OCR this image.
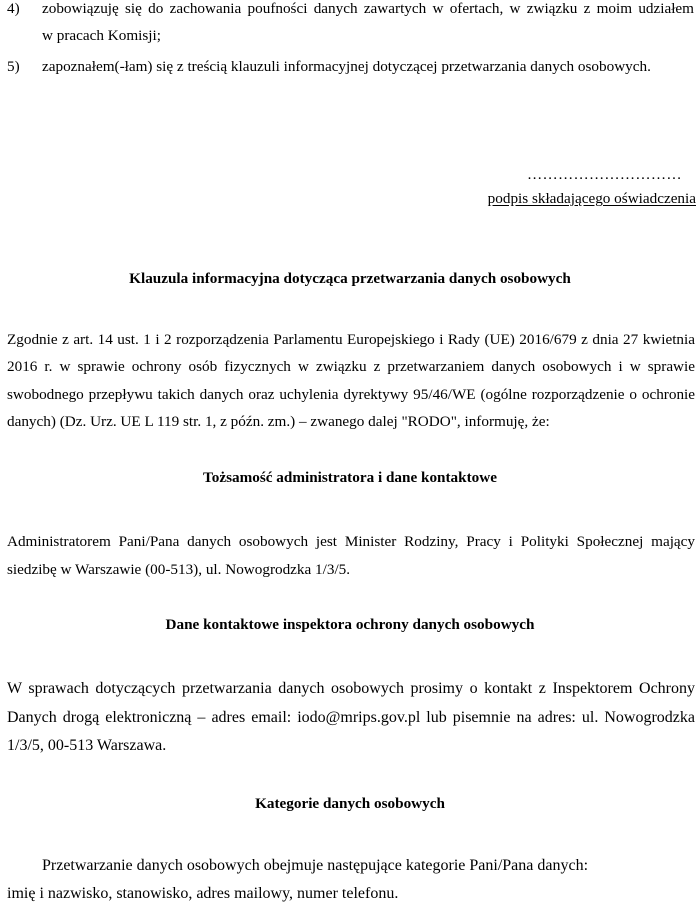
4) zobowiązuję się do zachowania poufności danych zawartych w ofertach, w związku z moim udziałem
w pracach Komisji;
5) zapoznałem(-łam) się z treścią klauzuli informacyjnej dotyczącej przetwarzania danych osobowych.
…………………………
podpis składającego oświadczenia
Klauzula informacyjna dotycząca przetwarzania danych osobowych
Zgodnie z art. 14 ust. 1 i 2 rozporządzenia Parlamentu Europejskiego i Rady (UE) 2016/679 z dnia 27 kwietnia
2016 r. w sprawie ochrony osób fizycznych w związku z przetwarzaniem danych osobowych i w sprawie
swobodnego przepływu takich danych oraz uchylenia dyrektywy 95/46/WE (ogólne rozporządzenie o ochronie
danych) (Dz. Urz. UE L 119 str. 1, z późn. zm.) – zwanego dalej "RODO", informuję, że:
Tożsamość administratora i dane kontaktowe
Administratorem Pani/Pana danych osobowych jest Minister Rodziny, Pracy i Polityki Społecznej mający
siedzibę w Warszawie (00-513), ul. Nowogrodzka 1/3/5.
Dane kontaktowe inspektora ochrony danych osobowych
W sprawach dotyczących przetwarzania danych osobowych prosimy o kontakt z Inspektorem Ochrony
Danych drogą elektroniczną – adres email: iodo@mrips.gov.pl lub pisemnie na adres: ul. Nowogrodzka
1/3/5, 00-513 Warszawa.
Kategorie danych osobowych
Przetwarzanie danych osobowych obejmuje następujące kategorie Pani/Pana danych:
imię i nazwisko, stanowisko, adres mailowy, numer telefonu.
